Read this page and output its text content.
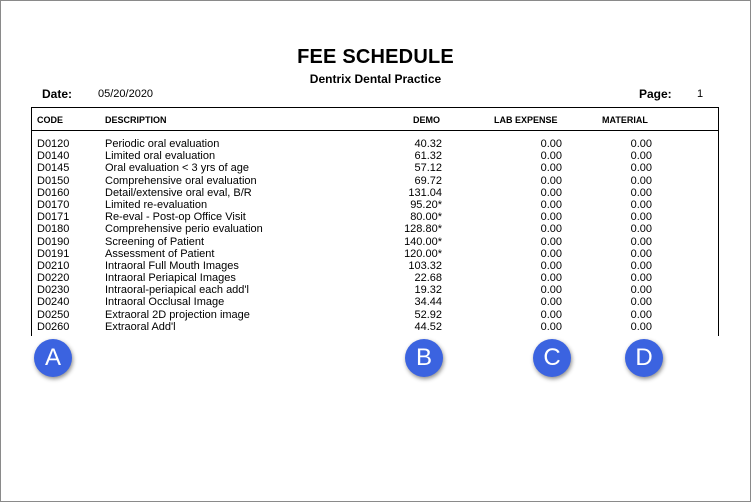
FEE SCHEDULE
Dentrix Dental Practice
Date: 05/20/2020	Page: 1
CODE	DESCRIPTION	DEMO	LAB EXPENSE	MATERIAL
D0120	Periodic oral evaluation	40.32	0.00	0.00
D0140	Limited oral evaluation	61.32	0.00	0.00
D0145	Oral evaluation < 3 yrs of age	57.12	0.00	0.00
D0150	Comprehensive oral evaluation	69.72	0.00	0.00
D0160	Detail/extensive oral eval, B/R	131.04	0.00	0.00
D0170	Limited re-evaluation	95.20*	0.00	0.00
D0171	Re-eval - Post-op Office Visit	80.00*	0.00	0.00
D0180	Comprehensive perio evaluation	128.80*	0.00	0.00
D0190	Screening of Patient	140.00*	0.00	0.00
D0191	Assessment of Patient	120.00*	0.00	0.00
D0210	Intraoral Full Mouth Images	103.32	0.00	0.00
D0220	Intraoral Periapical Images	22.68	0.00	0.00
D0230	Intraoral-periapical each add'l	19.32	0.00	0.00
D0240	Intraoral Occlusal Image	34.44	0.00	0.00
D0250	Extraoral 2D projection image	52.92	0.00	0.00
D0260	Extraoral Add'l	44.52	0.00	0.00
A	B	C	D
